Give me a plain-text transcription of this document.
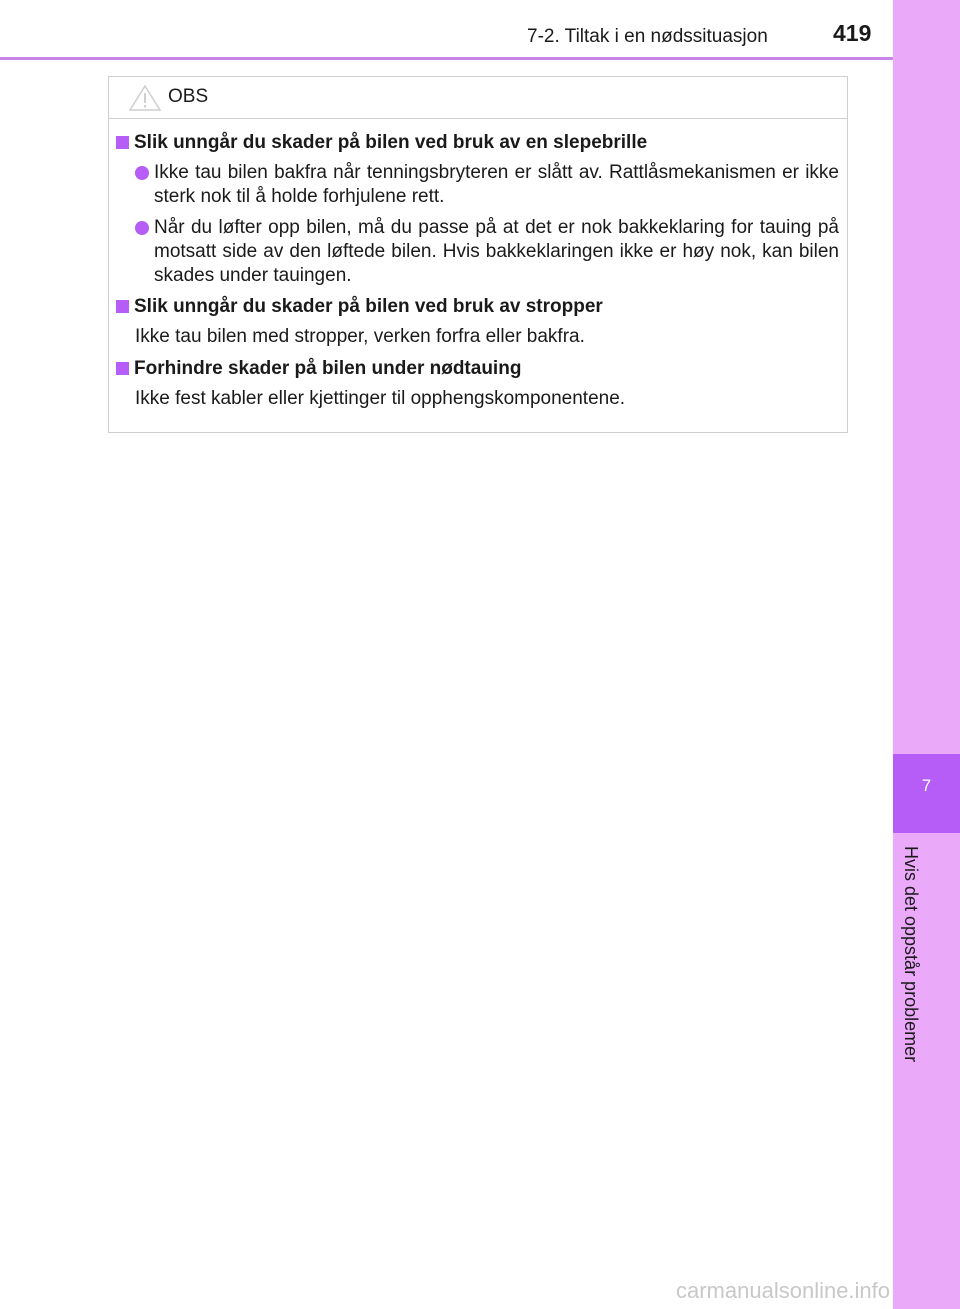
7-2. Tiltak i en nødssituasjon	419
7
Hvis det oppstår problemer
OBS
Slik unngår du skader på bilen ved bruk av en slepebrille
Ikke tau bilen bakfra når tenningsbryteren er slått av. Rattlåsmekanismen er ikke sterk nok til å holde forhjulene rett.
Når du løfter opp bilen, må du passe på at det er nok bakkeklaring for tauing på motsatt side av den løftede bilen. Hvis bakkeklaringen ikke er høy nok, kan bilen skades under tauingen.
Slik unngår du skader på bilen ved bruk av stropper
Ikke tau bilen med stropper, verken forfra eller bakfra.
Forhindre skader på bilen under nødtauing
Ikke fest kabler eller kjettinger til opphengskomponentene.
carmanualsonline.info
